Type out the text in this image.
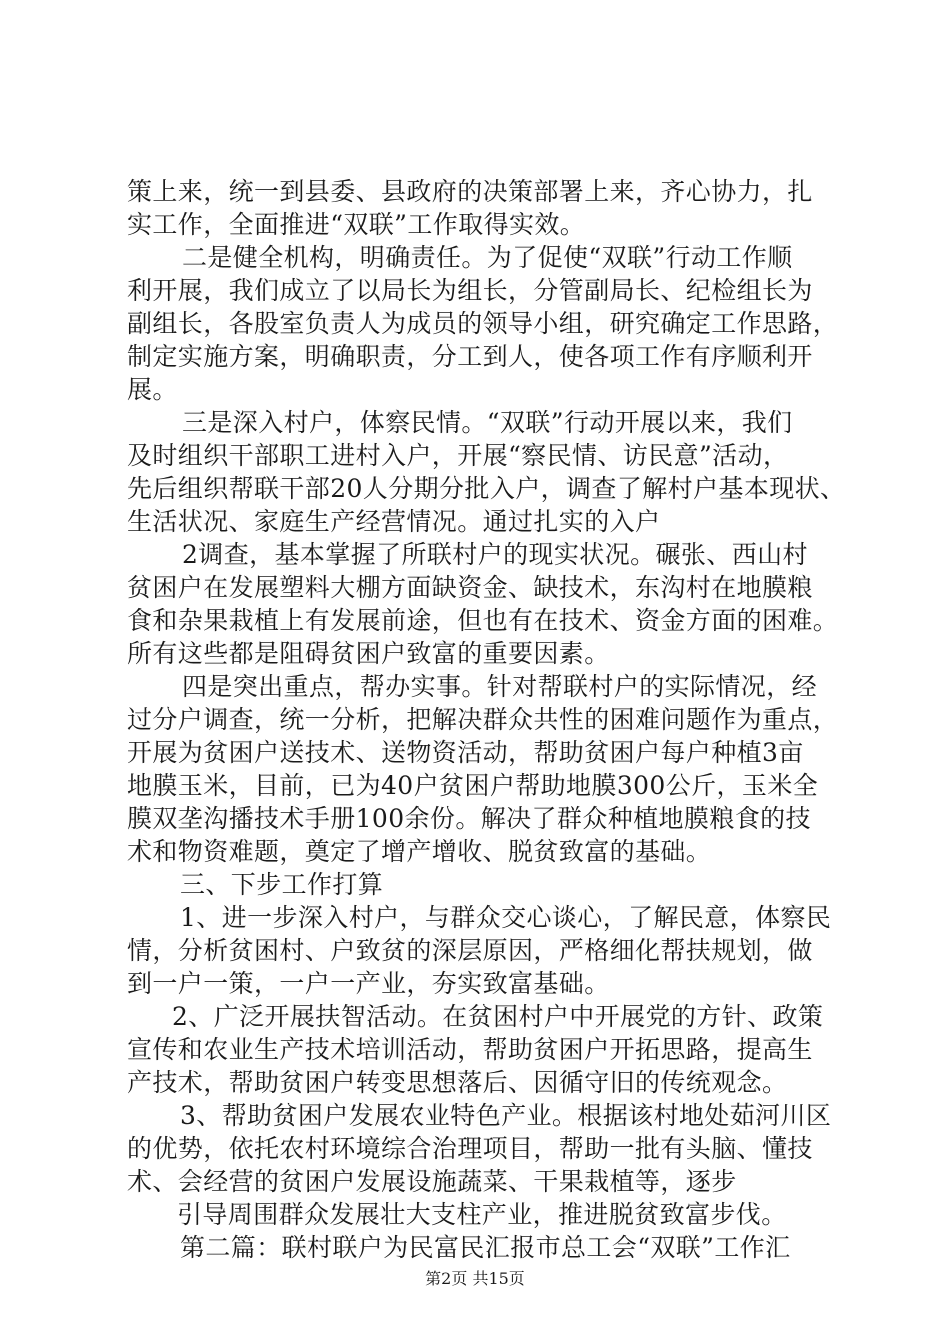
策上来，统一到县委、县政府的决策部署上来，齐心协力，扎
实工作，全面推进“双联”工作取得实效。
二是健全机构，明确责任。为了促使“双联”行动工作顺
利开展，我们成立了以局长为组长，分管副局长、纪检组长为
副组长，各股室负责人为成员的领导小组，研究确定工作思路，
制定实施方案，明确职责，分工到人，使各项工作有序顺利开
展。
三是深入村户，体察民情。“双联”行动开展以来，我们
及时组织干部职工进村入户，开展“察民情、访民意”活动，
先后组织帮联干部20人分期分批入户，调查了解村户基本现状、
生活状况、家庭生产经营情况。通过扎实的入户
2调查，基本掌握了所联村户的现实状况。碾张、西山村
贫困户在发展塑料大棚方面缺资金、缺技术，东沟村在地膜粮
食和杂果栽植上有发展前途，但也有在技术、资金方面的困难。
所有这些都是阻碍贫困户致富的重要因素。
四是突出重点，帮办实事。针对帮联村户的实际情况，经
过分户调查，统一分析，把解决群众共性的困难问题作为重点，
开展为贫困户送技术、送物资活动，帮助贫困户每户种植3亩
地膜玉米，目前，已为40户贫困户帮助地膜300公斤，玉米全
膜双垄沟播技术手册100余份。解决了群众种植地膜粮食的技
术和物资难题，奠定了增产增收、脱贫致富的基础。
三、下步工作打算
1、进一步深入村户，与群众交心谈心，了解民意，体察民
情，分析贫困村、户致贫的深层原因，严格细化帮扶规划，做
到一户一策，一户一产业，夯实致富基础。
2、广泛开展扶智活动。在贫困村户中开展党的方针、政策
宣传和农业生产技术培训活动，帮助贫困户开拓思路，提高生
产技术，帮助贫困户转变思想落后、因循守旧的传统观念。
3、帮助贫困户发展农业特色产业。根据该村地处茹河川区
的优势，依托农村环境综合治理项目，帮助一批有头脑、懂技
术、会经营的贫困户发展设施蔬菜、干果栽植等，逐步
引导周围群众发展壮大支柱产业，推进脱贫致富步伐。
第二篇：联村联户为民富民汇报市总工会“双联”工作汇
第2页 共15页
